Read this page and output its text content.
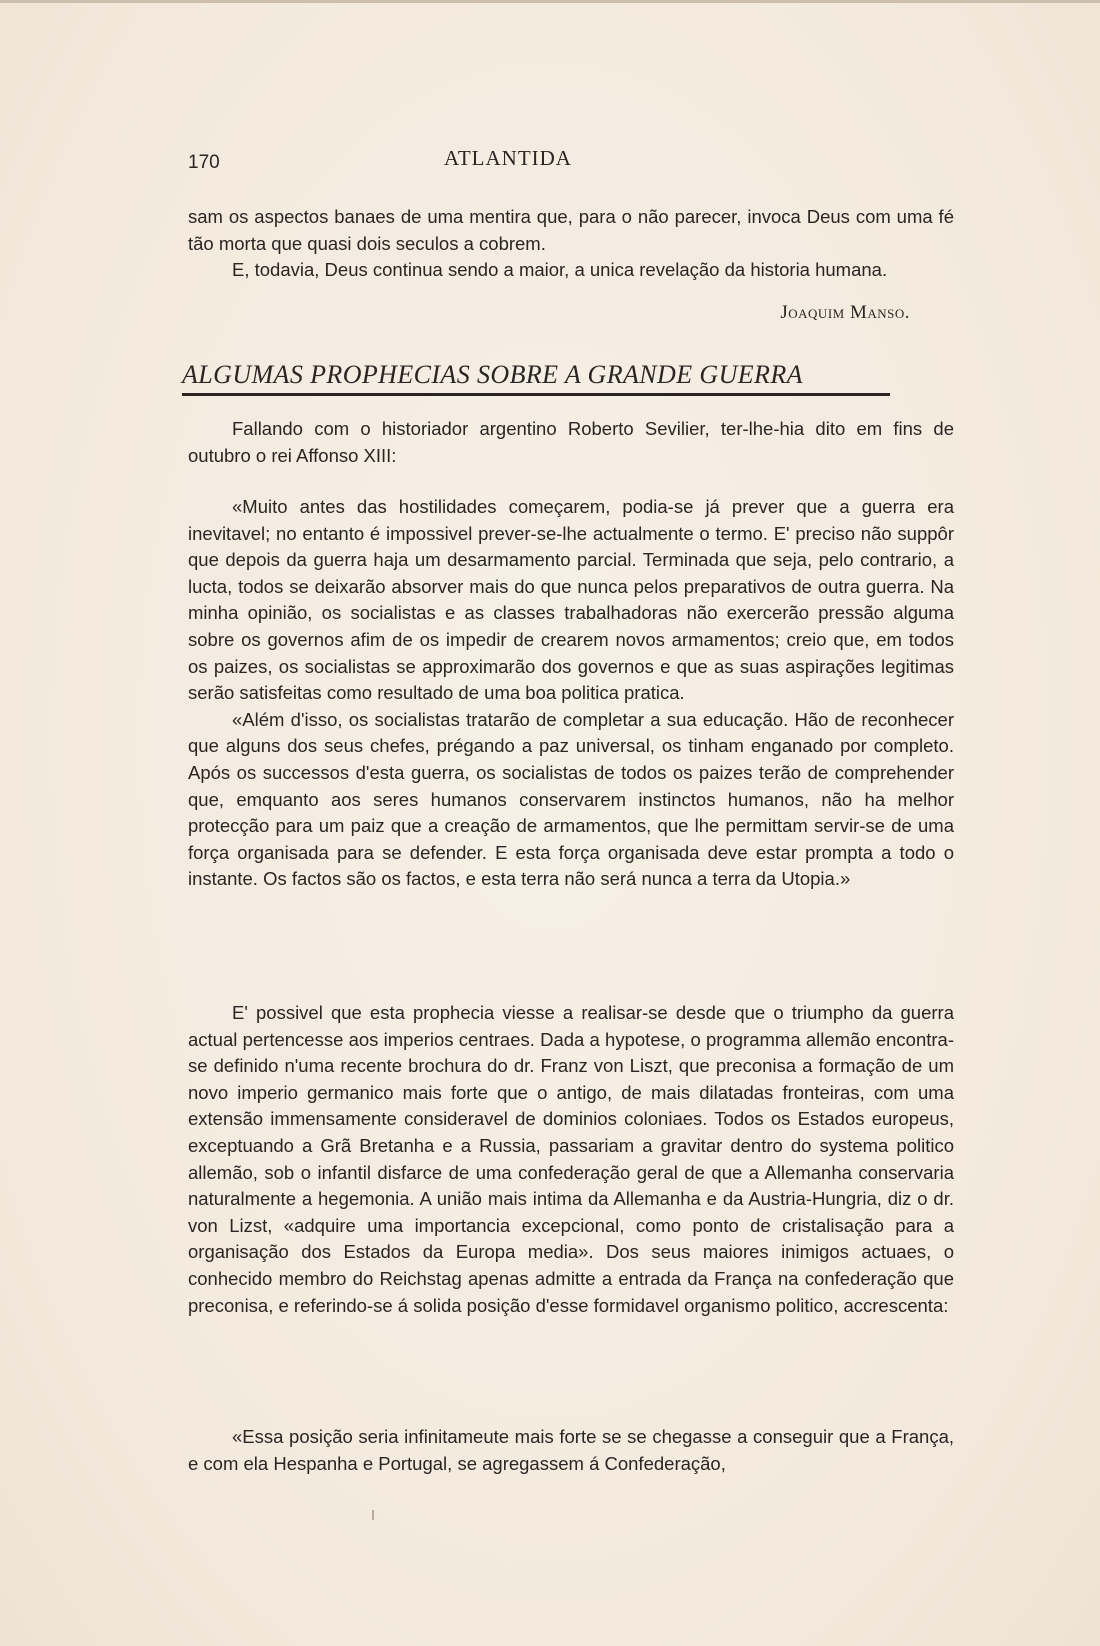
170	ATLANTIDA

sam os aspectos banaes de uma mentira que, para o não parecer, invoca Deus com uma fé tão morta que quasi dois seculos a cobrem.

E, todavia, Deus continua sendo a maior, a unica revelação da historia humana.

Joaquim Manso.
ALGUMAS PROPHECIAS SOBRE A GRANDE GUERRA

Fallando com o historiador argentino Roberto Sevilier, ter-lhe-hia dito em fins de outubro o rei Affonso XIII:

«Muito antes das hostilidades começarem, podia-se já prever que a guerra era inevitavel; no entanto é impossivel prever-se-lhe actualmente o termo. E' preciso não suppôr que depois da guerra haja um desarmamento parcial. Terminada que seja, pelo contrario, a lucta, todos se deixarão absorver mais do que nunca pelos preparativos de outra guerra. Na minha opinião, os socialistas e as classes trabalhadoras não exercerão pressão alguma sobre os governos afim de os impedir de crearem novos armamentos; creio que, em todos os paizes, os socialistas se approximarão dos governos e que as suas aspirações legitimas serão satisfeitas como resultado de uma boa politica pratica.

«Além d'isso, os socialistas tratarão de completar a sua educação. Hão de reconhecer que alguns dos seus chefes, prégando a paz universal, os tinham enganado por completo. Após os successos d'esta guerra, os socialistas de todos os paizes terão de comprehender que, emquanto aos seres humanos conservarem instinctos humanos, não ha melhor protecção para um paiz que a creação de armamentos, que lhe permittam servir-se de uma força organisada para se defender. E esta força organisada deve estar prompta a todo o instante. Os factos são os factos, e esta terra não será nunca a terra da Utopia.»

E' possivel que esta prophecia viesse a realisar-se desde que o triumpho da guerra actual pertencesse aos imperios centraes. Dada a hypotese, o programma allemão encontra-se definido n'uma recente brochura do dr. Franz von Liszt, que preconisa a formação de um novo imperio germanico mais forte que o antigo, de mais dilatadas fronteiras, com uma extensão immensamente consideravel de dominios coloniaes. Todos os Estados europeus, exceptuando a Grã Bretanha e a Russia, passariam a gravitar dentro do systema politico allemão, sob o infantil disfarce de uma confederação geral de que a Allemanha conservaria naturalmente a hegemonia. A união mais intima da Allemanha e da Austria-Hungria, diz o dr. von Lizst, «adquire uma importancia excepcional, como ponto de cristalisação para a organisação dos Estados da Europa media». Dos seus maiores inimigos actuaes, o conhecido membro do Reichstag apenas admitte a entrada da França na confederação que preconisa, e referindo-se á solida posição d'esse formidavel organismo politico, accrescenta:

«Essa posição seria infinitameute mais forte se se chegasse a conseguir que a França, e com ela Hespanha e Portugal, se agregassem á Confederação,
